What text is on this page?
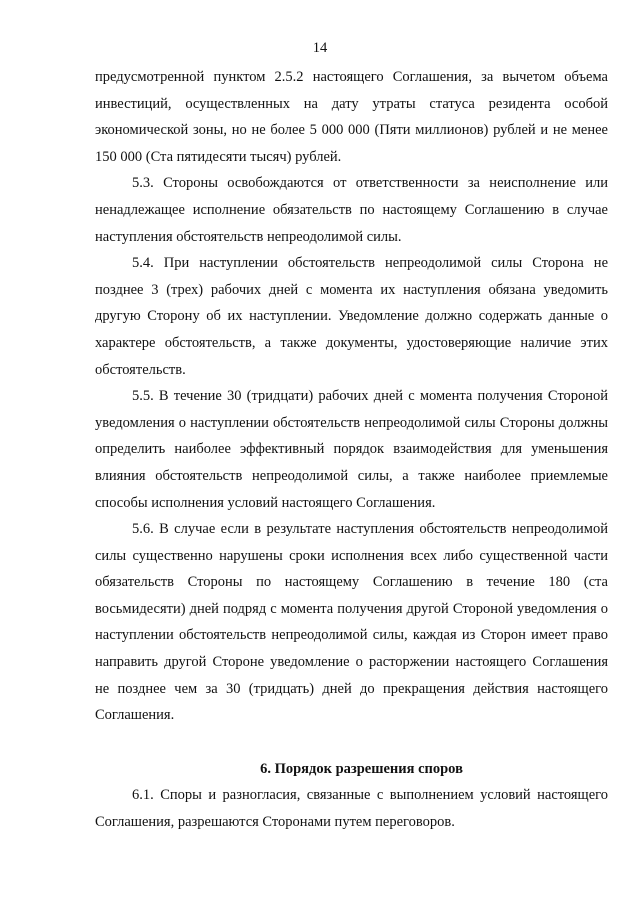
14

предусмотренной пунктом 2.5.2 настоящего Соглашения, за вычетом объема инвестиций, осуществленных на дату утраты статуса резидента особой экономической зоны, но не более 5 000 000 (Пяти миллионов) рублей и не менее 150 000 (Ста пятидесяти тысяч) рублей.

5.3. Стороны освобождаются от ответственности за неисполнение или ненадлежащее исполнение обязательств по настоящему Соглашению в случае наступления обстоятельств непреодолимой силы.

5.4. При наступлении обстоятельств непреодолимой силы Сторона не позднее 3 (трех) рабочих дней с момента их наступления обязана уведомить другую Сторону об их наступлении. Уведомление должно содержать данные о характере обстоятельств, а также документы, удостоверяющие наличие этих обстоятельств.

5.5. В течение 30 (тридцати) рабочих дней с момента получения Стороной уведомления о наступлении обстоятельств непреодолимой силы Стороны должны определить наиболее эффективный порядок взаимодействия для уменьшения влияния обстоятельств непреодолимой силы, а также наиболее приемлемые способы исполнения условий настоящего Соглашения.

5.6. В случае если в результате наступления обстоятельств непреодолимой силы существенно нарушены сроки исполнения всех либо существенной части обязательств Стороны по настоящему Соглашению в течение 180 (ста восьмидесяти) дней подряд с момента получения другой Стороной уведомления о наступлении обстоятельств непреодолимой силы, каждая из Сторон имеет право направить другой Стороне уведомление о расторжении настоящего Соглашения не позднее чем за 30 (тридцать) дней до прекращения действия настоящего Соглашения.

6. Порядок разрешения споров

6.1. Споры и разногласия, связанные с выполнением условий настоящего Соглашения, разрешаются Сторонами путем переговоров.
